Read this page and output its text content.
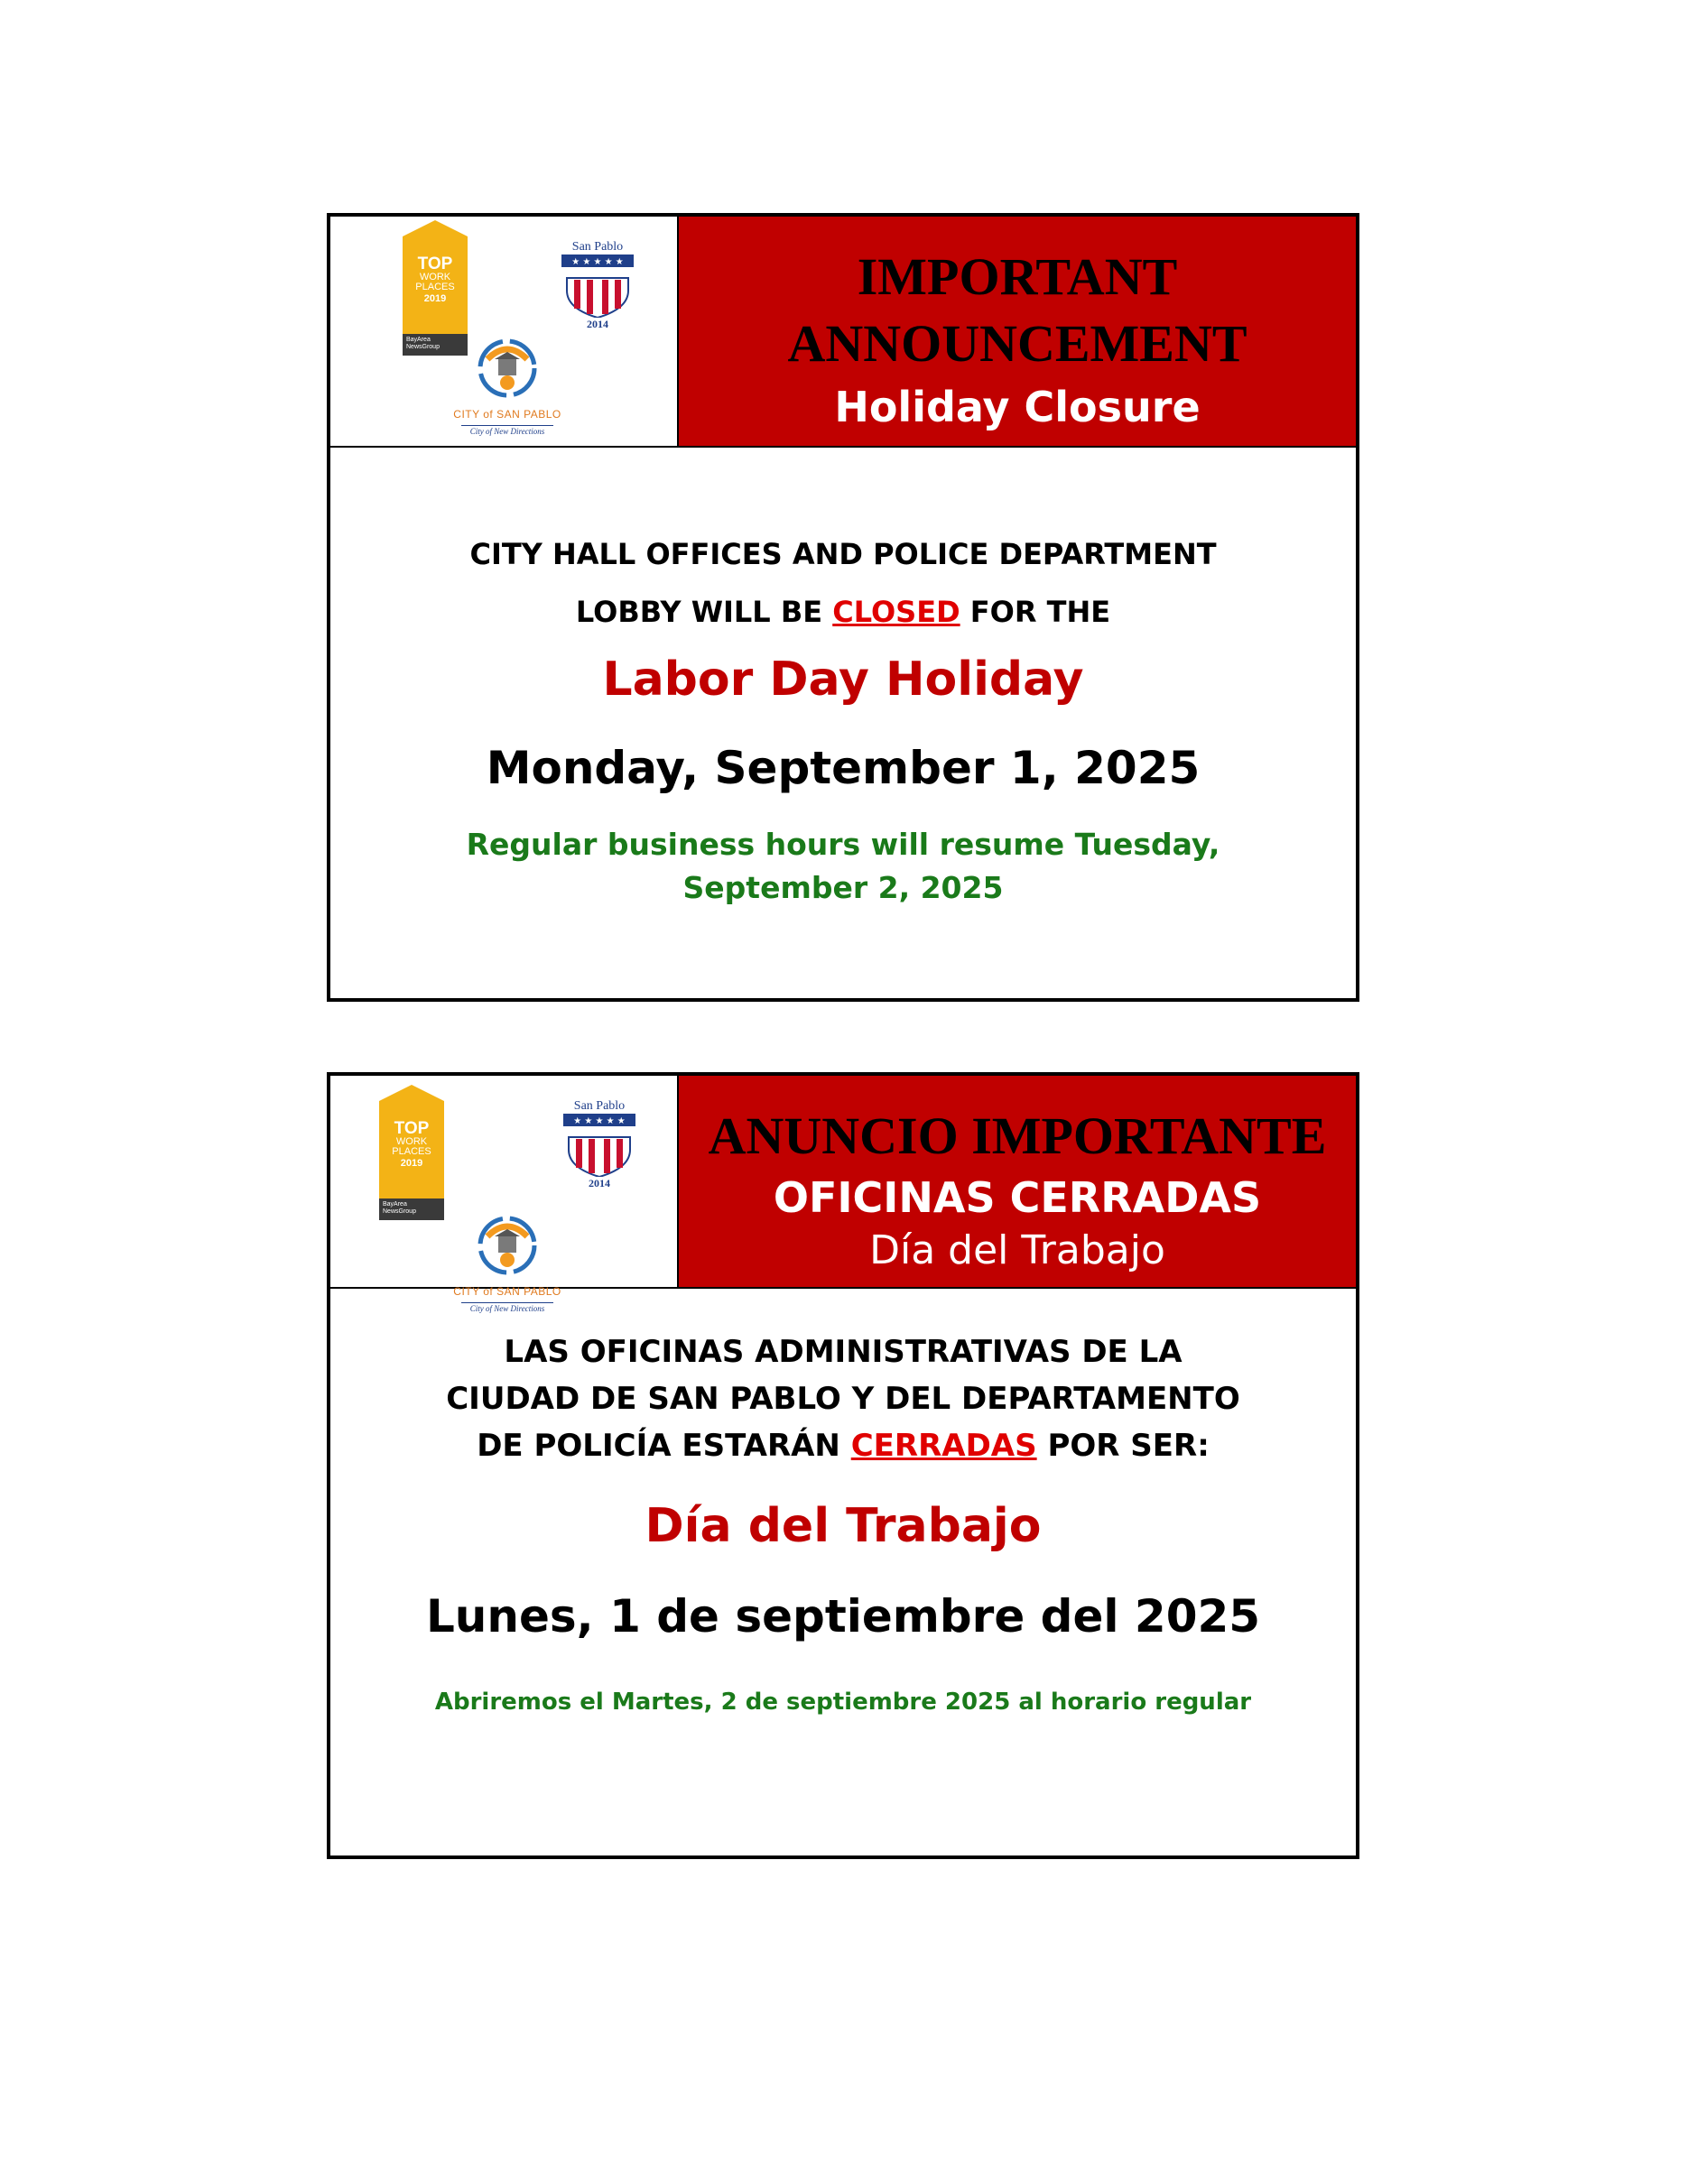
TOP
WORK
PLACES
2019
BayArea NewsGroup
San Pablo
★ ★ ★ ★ ★
2014
CITY of SAN PABLO
City of New Directions
IMPORTANT
ANNOUNCEMENT
Holiday Closure
CITY HALL OFFICES AND POLICE DEPARTMENT
LOBBY WILL BE CLOSED FOR THE
Labor Day Holiday
Monday, September 1, 2025
Regular business hours will resume Tuesday,
September 2, 2025
TOP
WORK
PLACES
2019
BayArea NewsGroup
San Pablo
★ ★ ★ ★ ★
2014
CITY of SAN PABLO
City of New Directions
ANUNCIO IMPORTANTE
OFICINAS CERRADAS
Día del Trabajo
LAS OFICINAS ADMINISTRATIVAS DE LA
CIUDAD DE SAN PABLO Y DEL DEPARTAMENTO
DE POLICÍA ESTARÁN CERRADAS POR SER:
Día del Trabajo
Lunes, 1 de septiembre del 2025
Abriremos el Martes, 2 de septiembre 2025 al horario regular
